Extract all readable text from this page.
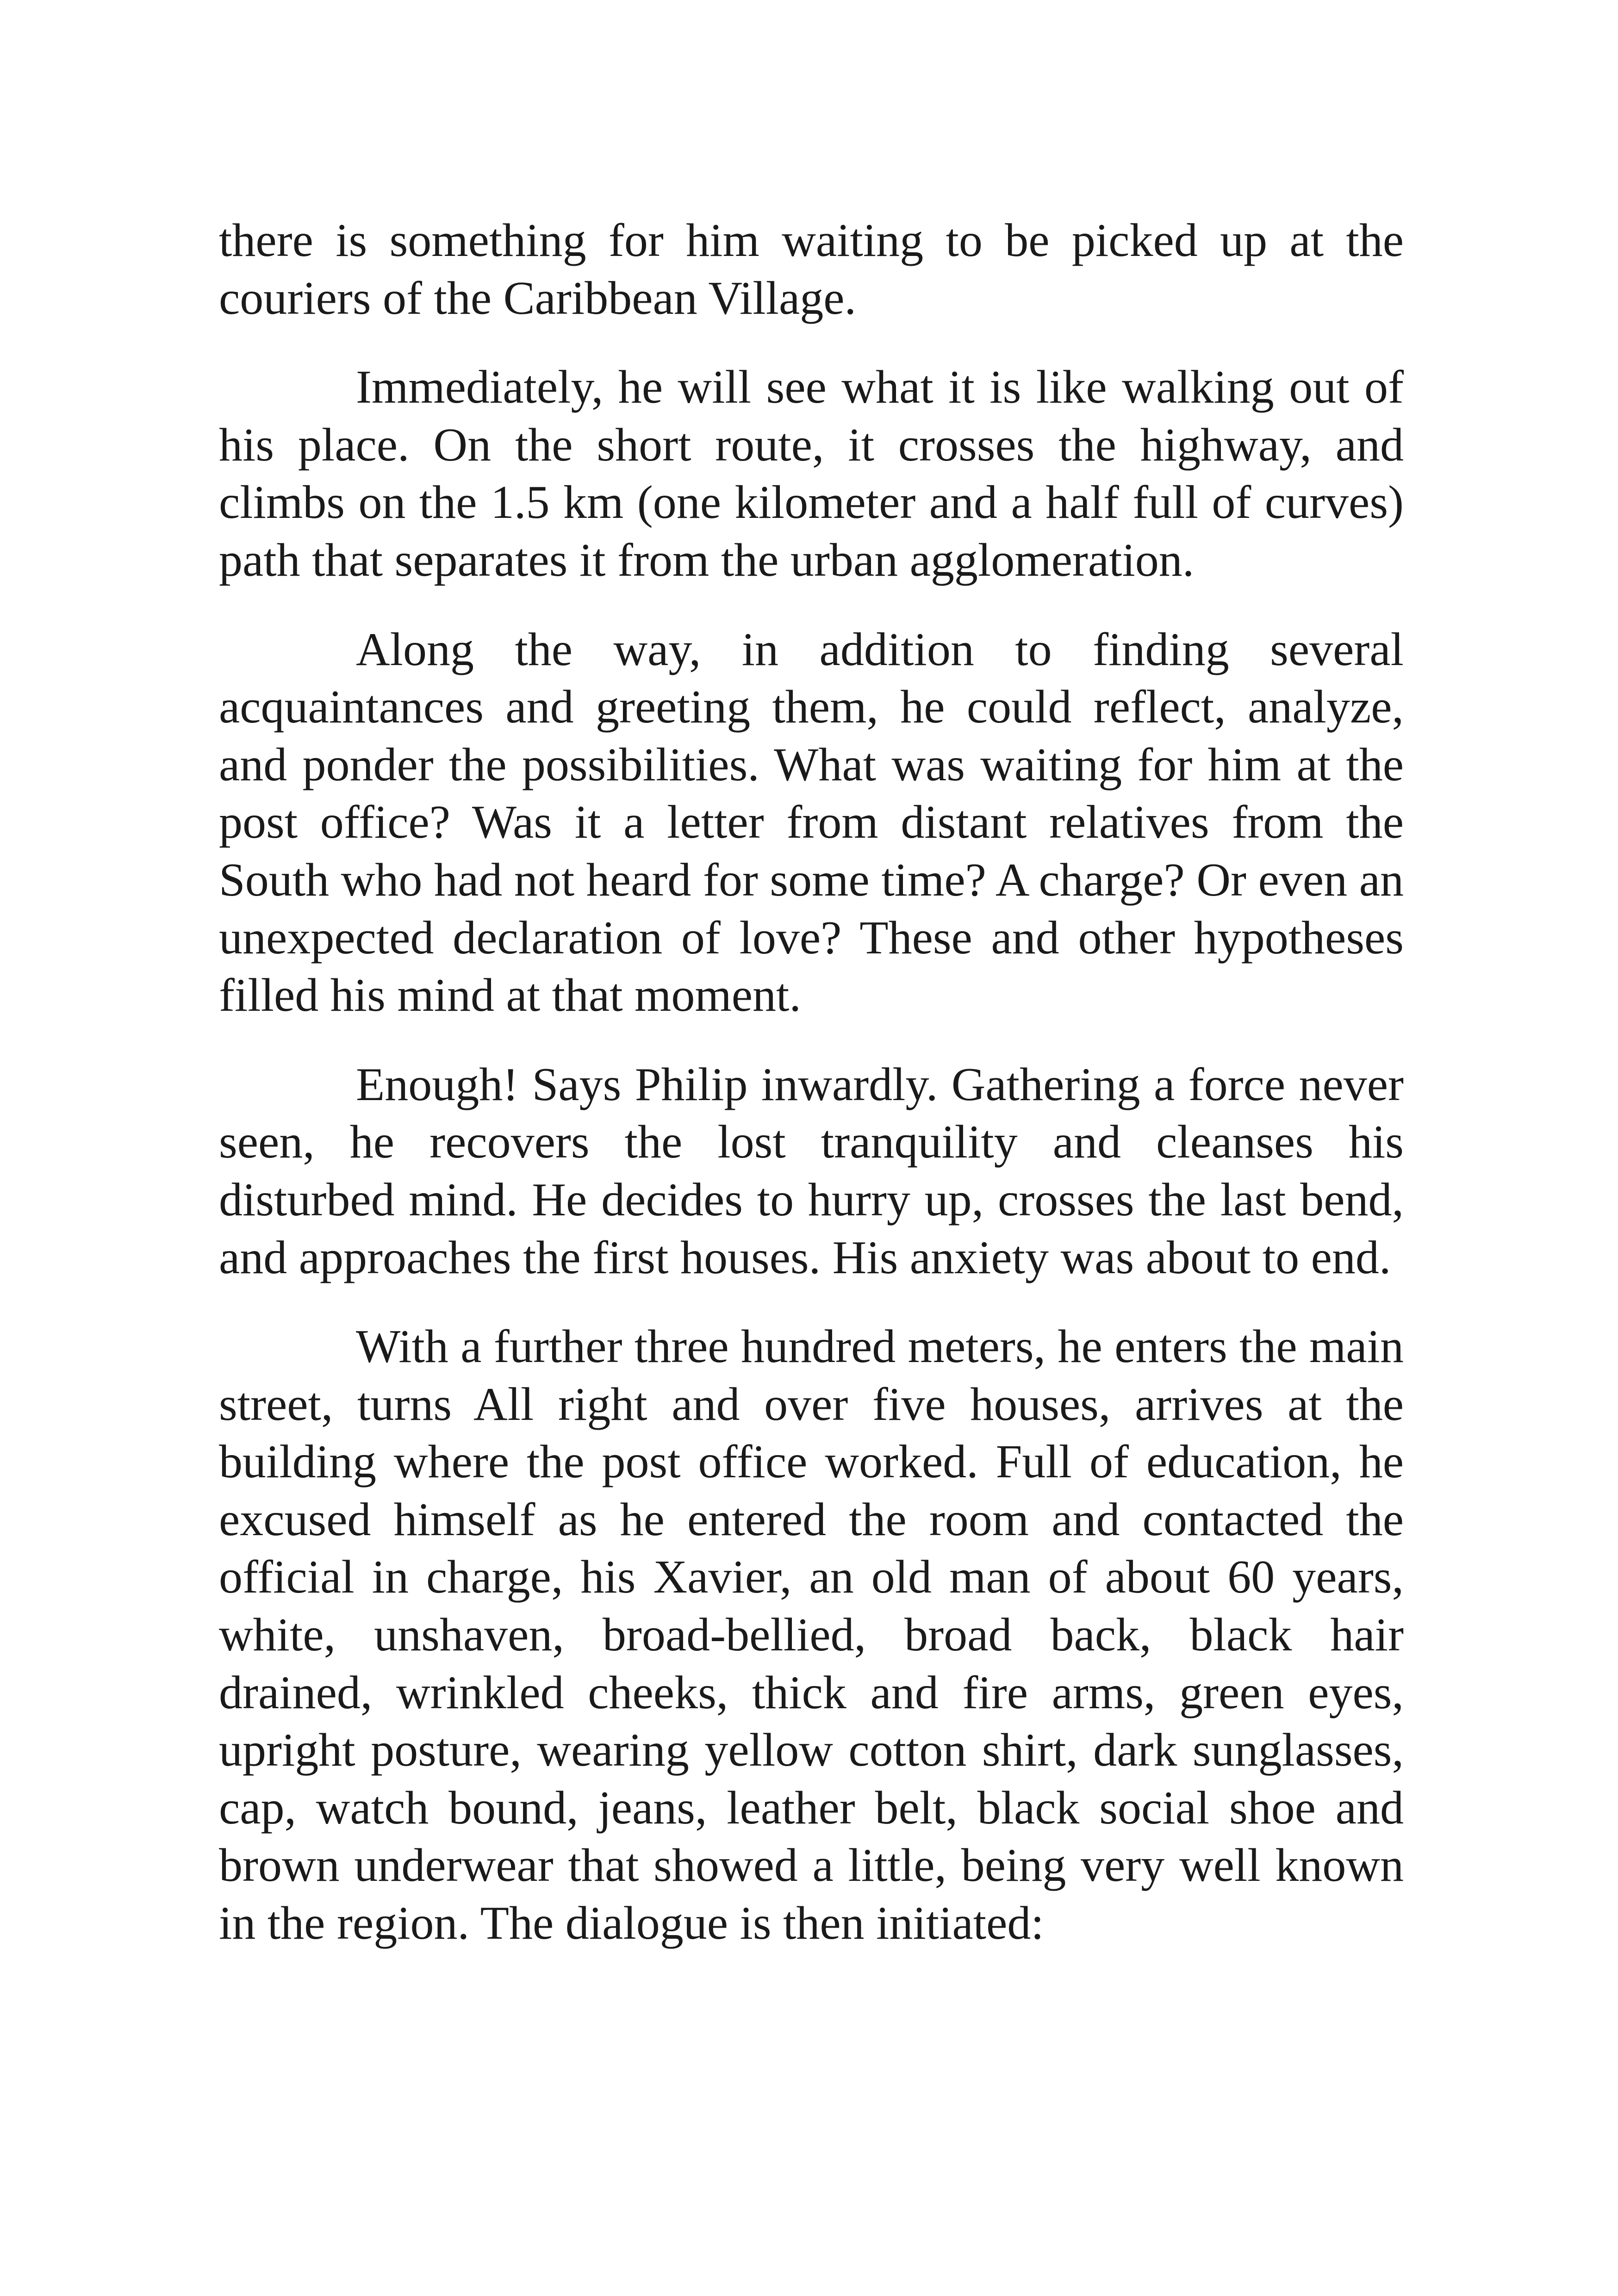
there is something for him waiting to be picked up at the couriers of the Caribbean Village.

Immediately, he will see what it is like walking out of his place. On the short route, it crosses the highway, and climbs on the 1.5 km (one kilometer and a half full of curves) path that separates it from the urban agglomeration.

Along the way, in addition to finding several acquaintances and greeting them, he could reflect, analyze, and ponder the possibilities. What was waiting for him at the post office? Was it a letter from distant relatives from the South who had not heard for some time? A charge? Or even an unexpected declaration of love? These and other hypotheses filled his mind at that moment.

Enough! Says Philip inwardly. Gathering a force never seen, he recovers the lost tranquility and cleanses his disturbed mind. He decides to hurry up, crosses the last bend, and approaches the first houses. His anxiety was about to end.

With a further three hundred meters, he enters the main street, turns All right and over five houses, arrives at the building where the post office worked. Full of education, he excused himself as he entered the room and contacted the official in charge, his Xavier, an old man of about 60 years, white, unshaven, broad-bellied, broad back, black hair drained, wrinkled cheeks, thick and fire arms, green eyes, upright posture, wearing yellow cotton shirt, dark sunglasses, cap, watch bound, jeans, leather belt, black social shoe and brown underwear that showed a little, being very well known in the region. The dialogue is then initiated:
